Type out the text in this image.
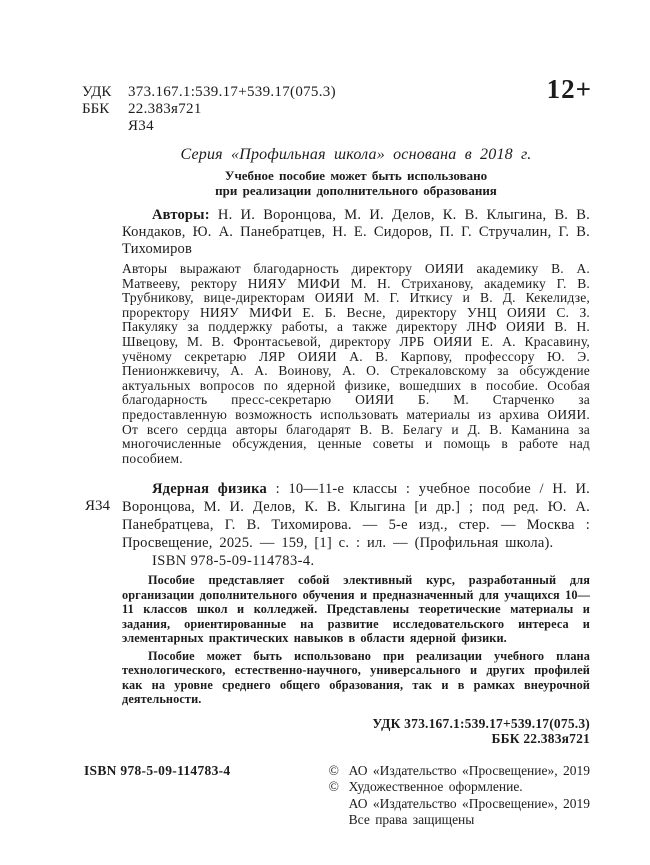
12+
УДК	373.167.1:539.17+539.17(075.3)
ББК	22.383я721
Я34
Серия «Профильная школа» основана в 2018 г.
Учебное пособие может быть использовано
при реализации дополнительного образования

Авторы: Н. И. Воронцова, М. И. Делов, К. В. Клыгина, В. В. Кондаков, Ю. А. Панебратцев, Н. Е. Сидоров, П. Г. Стручалин, Г. В. Тихомиров

Авторы выражают благодарность директору ОИЯИ академику В. А. Матвееву, ректору НИЯУ МИФИ М. Н. Стриханову, академику Г. В. Трубникову, вице-директорам ОИЯИ М. Г. Иткису и В. Д. Кекелидзе, проректору НИЯУ МИФИ Е. Б. Весне, директору УНЦ ОИЯИ С. З. Пакуляку за поддержку работы, а также директору ЛНФ ОИЯИ В. Н. Швецову, М. В. Фронтасьевой, директору ЛРБ ОИЯИ Е. А. Красавину, учёному секретарю ЛЯР ОИЯИ А. В. Карпову, профессору Ю. Э. Пенионжкевичу, А. А. Воинову, А. О. Стрекаловскому за обсуждение актуальных вопросов по ядерной физике, вошедших в пособие. Особая благодарность пресс-секретарю ОИЯИ Б. М. Старченко за предоставленную возможность использовать материалы из архива ОИЯИ. От всего сердца авторы благодарят В. В. Белагу и Д. В. Каманина за многочисленные обсуждения, ценные советы и помощь в работе над пособием.

Я34

Ядерная физика : 10—11-е классы : учебное пособие / Н. И. Воронцова, М. И. Делов, К. В. Клыгина [и др.] ; под ред. Ю. А. Панебратцева, Г. В. Тихомирова. — 5-е изд., стер. — Москва : Просвещение, 2025. — 159, [1] с. : ил. — (Профильная школа).

ISBN 978-5-09-114783-4.

Пособие представляет собой элективный курс, разработанный для организации дополнительного обучения и предназначенный для учащихся 10—11 классов школ и колледжей. Представлены теоретические материалы и задания, ориентированные на развитие исследовательского интереса и элементарных практических навыков в области ядерной физики.

Пособие может быть использовано при реализации учебного плана технологического, естественно-научного, универсального и других профилей как на уровне среднего общего образования, так и в рамках внеурочной деятельности.

УДК 373.167.1:539.17+539.17(075.3)
ББК 22.383я721
ISBN 978-5-09-114783-4	© АО «Издательство «Просвещение», 2019
© Художественное оформление.
АО «Издательство «Просвещение», 2019
Все права защищены
